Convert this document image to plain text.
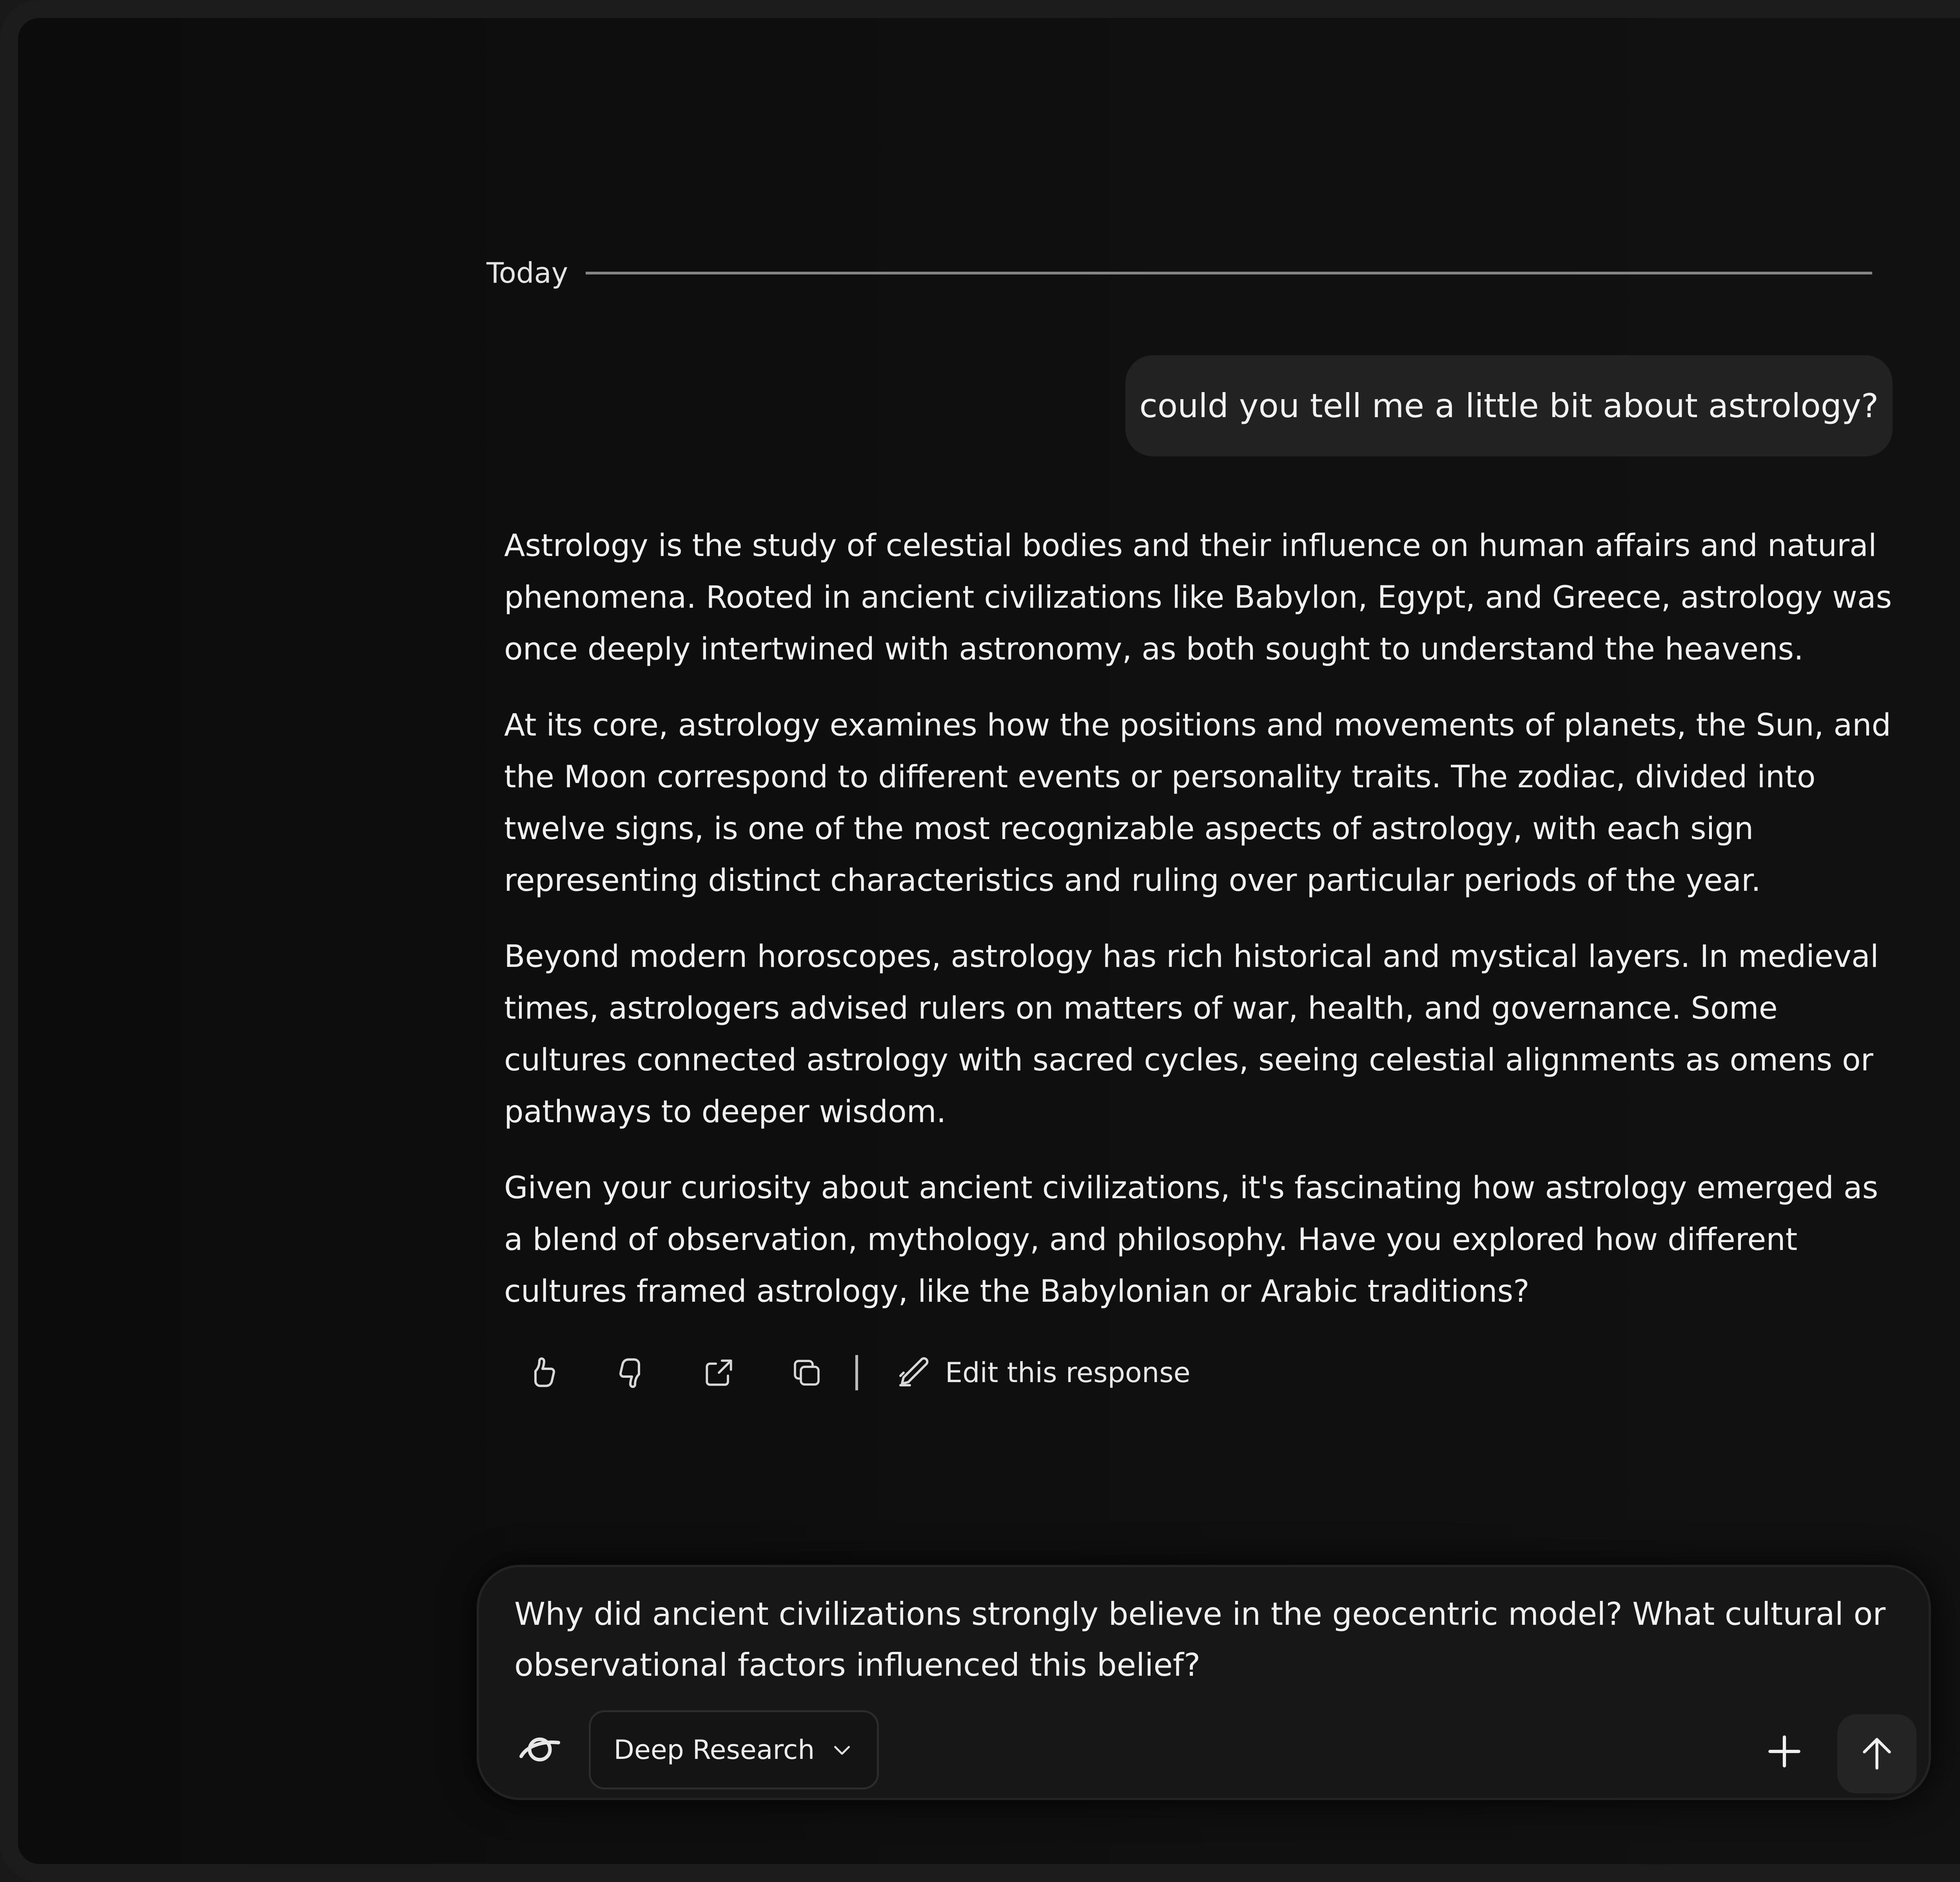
Today
could you tell me a little bit about astrology?

Astrology is the study of celestial bodies and their influence on human affairs and natural phenomena. Rooted in ancient civilizations like Babylon, Egypt, and Greece, astrology was once deeply intertwined with astronomy, as both sought to understand the heavens.

At its core, astrology examines how the positions and movements of planets, the Sun, and the Moon correspond to different events or personality traits. The zodiac, divided into twelve signs, is one of the most recognizable aspects of astrology, with each sign representing distinct characteristics and ruling over particular periods of the year.

Beyond modern horoscopes, astrology has rich historical and mystical layers. In medieval times, astrologers advised rulers on matters of war, health, and governance. Some cultures connected astrology with sacred cycles, seeing celestial alignments as omens or pathways to deeper wisdom.

Given your curiosity about ancient civilizations, it's fascinating how astrology emerged as a blend of observation, mythology, and philosophy. Have you explored how different cultures framed astrology, like the Babylonian or Arabic traditions?

Edit this response
Why did ancient civilizations strongly believe in the geocentric model? What cultural or observational factors influenced this belief?
Deep Research
